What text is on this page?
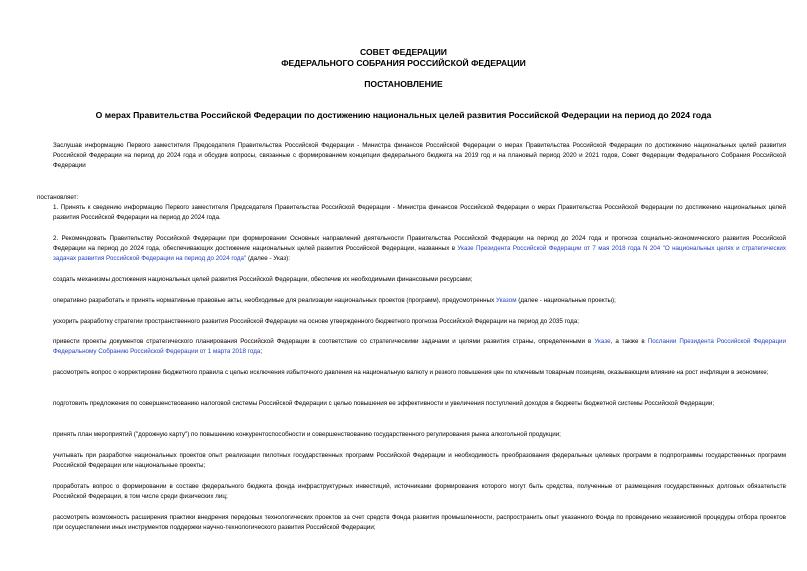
СОВЕТ ФЕДЕРАЦИИ

ФЕДЕРАЛЬНОГО СОБРАНИЯ РОССИЙСКОЙ ФЕДЕРАЦИИ

ПОСТАНОВЛЕНИЕ

О мерах Правительства Российской Федерации по достижению национальных целей развития Российской Федерации на период до 2024 года

Заслушав информацию Первого заместителя Председателя Правительства Российской Федерации - Министра финансов Российской Федерации о мерах Правительства Российской Федерации по достижению национальных целей развития Российской Федерации на период до 2024 года и обсудив вопросы, связанные с формированием концепции федерального бюджета на 2019 год и на плановый период 2020 и 2021 годов, Совет Федерации Федерального Собрания Российской Федерации

постановляет:

1. Принять к сведению информацию Первого заместителя Председателя Правительства Российской Федерации - Министра финансов Российской Федерации о мерах Правительства Российской Федерации по достижению национальных целей развития Российской Федерации на период до 2024 года.

2. Рекомендовать Правительству Российской Федерации при формировании Основных направлений деятельности Правительства Российской Федерации на период до 2024 года и прогноза социально-экономического развития Российской Федерации на период до 2024 года, обеспечивающих достижение национальных целей развития Российской Федерации, названных в Указе Президента Российской Федерации от 7 мая 2018 года N 204 "О национальных целях и стратегических задачах развития Российской Федерации на период до 2024 года" (далее - Указ):

создать механизмы достижения национальных целей развития Российской Федерации, обеспечив их необходимыми финансовыми ресурсами;

оперативно разработать и принять нормативные правовые акты, необходимые для реализации национальных проектов (программ), предусмотренных Указом (далее - национальные проекты);

ускорить разработку стратегии пространственного развития Российской Федерации на основе утвержденного бюджетного прогноза Российской Федерации на период до 2035 года;

привести проекты документов стратегического планирования Российской Федерации в соответствие со стратегическими задачами и целями развития страны, определенными в Указе, а также в Послании Президента Российской Федерации Федеральному Собранию Российской Федерации от 1 марта 2018 года;

рассмотреть вопрос о корректировке бюджетного правила с целью исключения избыточного давления на национальную валюту и резкого повышения цен по ключевым товарным позициям, оказывающим влияние на рост инфляции в экономике;

подготовить предложения по совершенствованию налоговой системы Российской Федерации с целью повышения ее эффективности и увеличения поступлений доходов в бюджеты бюджетной системы Российской Федерации;

принять план мероприятий ("дорожную карту") по повышению конкурентоспособности и совершенствованию государственного регулирования рынка алкогольной продукции;

учитывать при разработке национальных проектов опыт реализации пилотных государственных программ Российской Федерации и необходимость преобразования федеральных целевых программ в подпрограммы государственных программ Российской Федерации или национальные проекты;

проработать вопрос о формировании в составе федерального бюджета фонда инфраструктурных инвестиций, источниками формирования которого могут быть средства, полученные от размещения государственных долговых обязательств Российской Федерации, в том числе среди физических лиц;

рассмотреть возможность расширения практики внедрения передовых технологических проектов за счет средств Фонда развития промышленности, распространить опыт указанного Фонда по проведению независимой процедуры отбора проектов при осуществлении иных инструментов поддержки научно-технологического развития Российской Федерации;
